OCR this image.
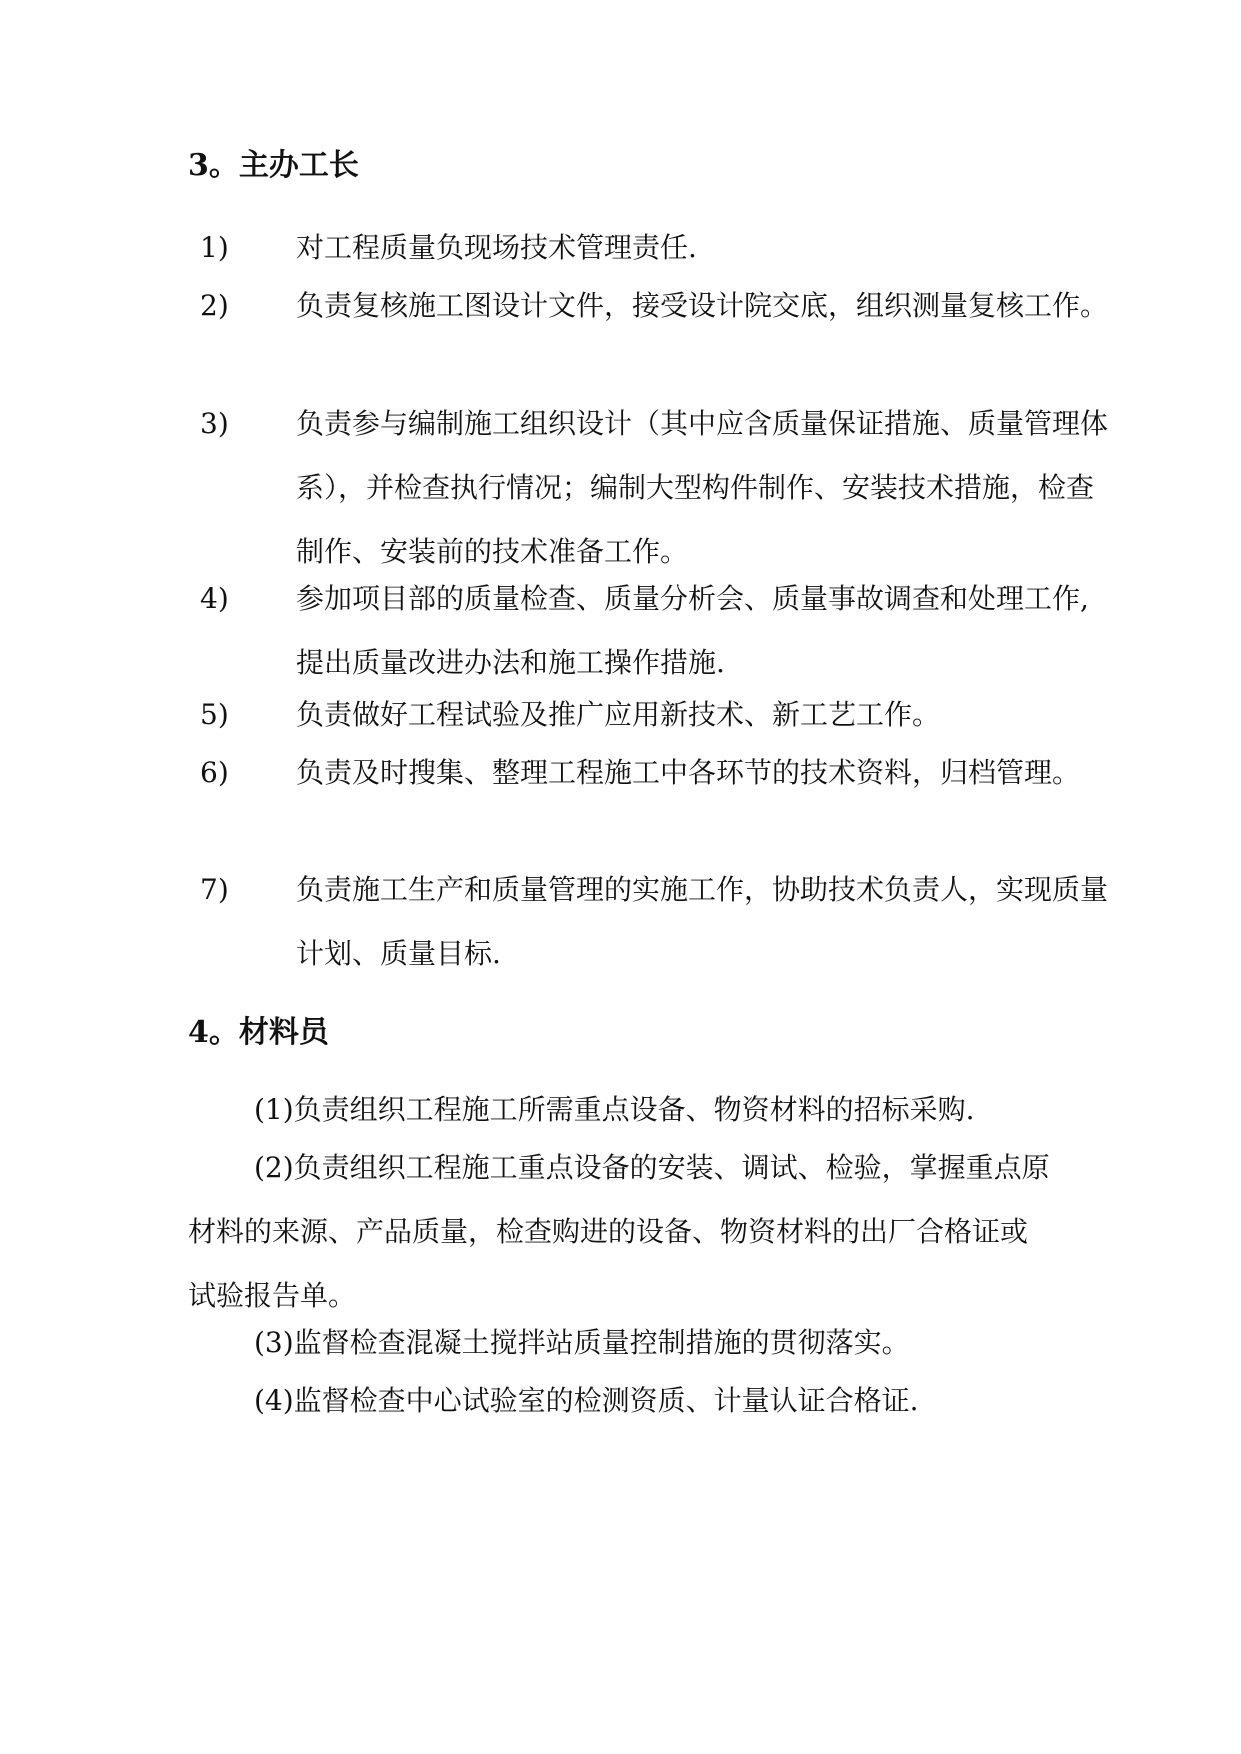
3。主办工长
1) 对工程质量负现场技术管理责任.
2) 负责复核施工图设计文件，接受设计院交底，组织测量复核工作。
3) 负责参与编制施工组织设计（其中应含质量保证措施、质量管理体系），并检查执行情况；编制大型构件制作、安装技术措施，检查制作、安装前的技术准备工作。
4) 参加项目部的质量检查、质量分析会、质量事故调查和处理工作,提出质量改进办法和施工操作措施.
5) 负责做好工程试验及推广应用新技术、新工艺工作。
6) 负责及时搜集、整理工程施工中各环节的技术资料，归档管理。
7) 负责施工生产和质量管理的实施工作，协助技术负责人，实现质量计划、质量目标.
4。材料员
(1)负责组织工程施工所需重点设备、物资材料的招标采购.
(2)负责组织工程施工重点设备的安装、调试、检验，掌握重点原材料的来源、产品质量，检查购进的设备、物资材料的出厂合格证或试验报告单。
(3)监督检查混凝土搅拌站质量控制措施的贯彻落实。
(4)监督检查中心试验室的检测资质、计量认证合格证.
